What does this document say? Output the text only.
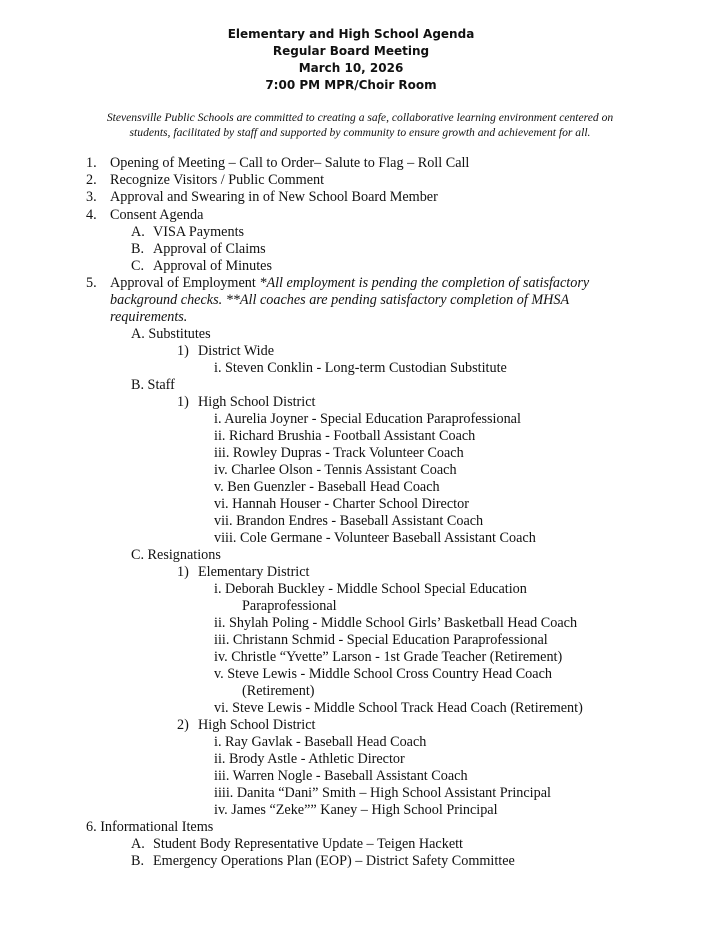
Elementary and High School Agenda
Regular Board Meeting
March 10, 2026
7:00 PM MPR/Choir Room
Stevensville Public Schools are committed to creating a safe, collaborative learning environment centered on
students, facilitated by staff and supported by community to ensure growth and achievement for all.
1. Opening of Meeting – Call to Order– Salute to Flag – Roll Call
2. Recognize Visitors / Public Comment
3. Approval and Swearing in of New School Board Member
4. Consent Agenda
A. VISA Payments
B. Approval of Claims
C. Approval of Minutes
5. Approval of Employment *All employment is pending the completion of satisfactory
background checks. **All coaches are pending satisfactory completion of MHSA
requirements.
A. Substitutes
1) District Wide
i. Steven Conklin - Long-term Custodian Substitute
B. Staff
1) High School District
i. Aurelia Joyner - Special Education Paraprofessional
ii. Richard Brushia - Football Assistant Coach
iii. Rowley Dupras - Track Volunteer Coach
iv. Charlee Olson - Tennis Assistant Coach
v. Ben Guenzler - Baseball Head Coach
vi. Hannah Houser - Charter School Director
vii. Brandon Endres - Baseball Assistant Coach
viii. Cole Germane - Volunteer Baseball Assistant Coach
C. Resignations
1) Elementary District
i. Deborah Buckley - Middle School Special Education
Paraprofessional
ii. Shylah Poling - Middle School Girls’ Basketball Head Coach
iii. Christann Schmid - Special Education Paraprofessional
iv. Christle “Yvette” Larson - 1st Grade Teacher (Retirement)
v. Steve Lewis - Middle School Cross Country Head Coach
(Retirement)
vi. Steve Lewis - Middle School Track Head Coach (Retirement)
2) High School District
i. Ray Gavlak - Baseball Head Coach
ii. Brody Astle - Athletic Director
iii. Warren Nogle - Baseball Assistant Coach
iiii. Danita “Dani” Smith – High School Assistant Principal
iv. James “Zeke”” Kaney – High School Principal
6. Informational Items
A. Student Body Representative Update – Teigen Hackett
B. Emergency Operations Plan (EOP) – District Safety Committee
